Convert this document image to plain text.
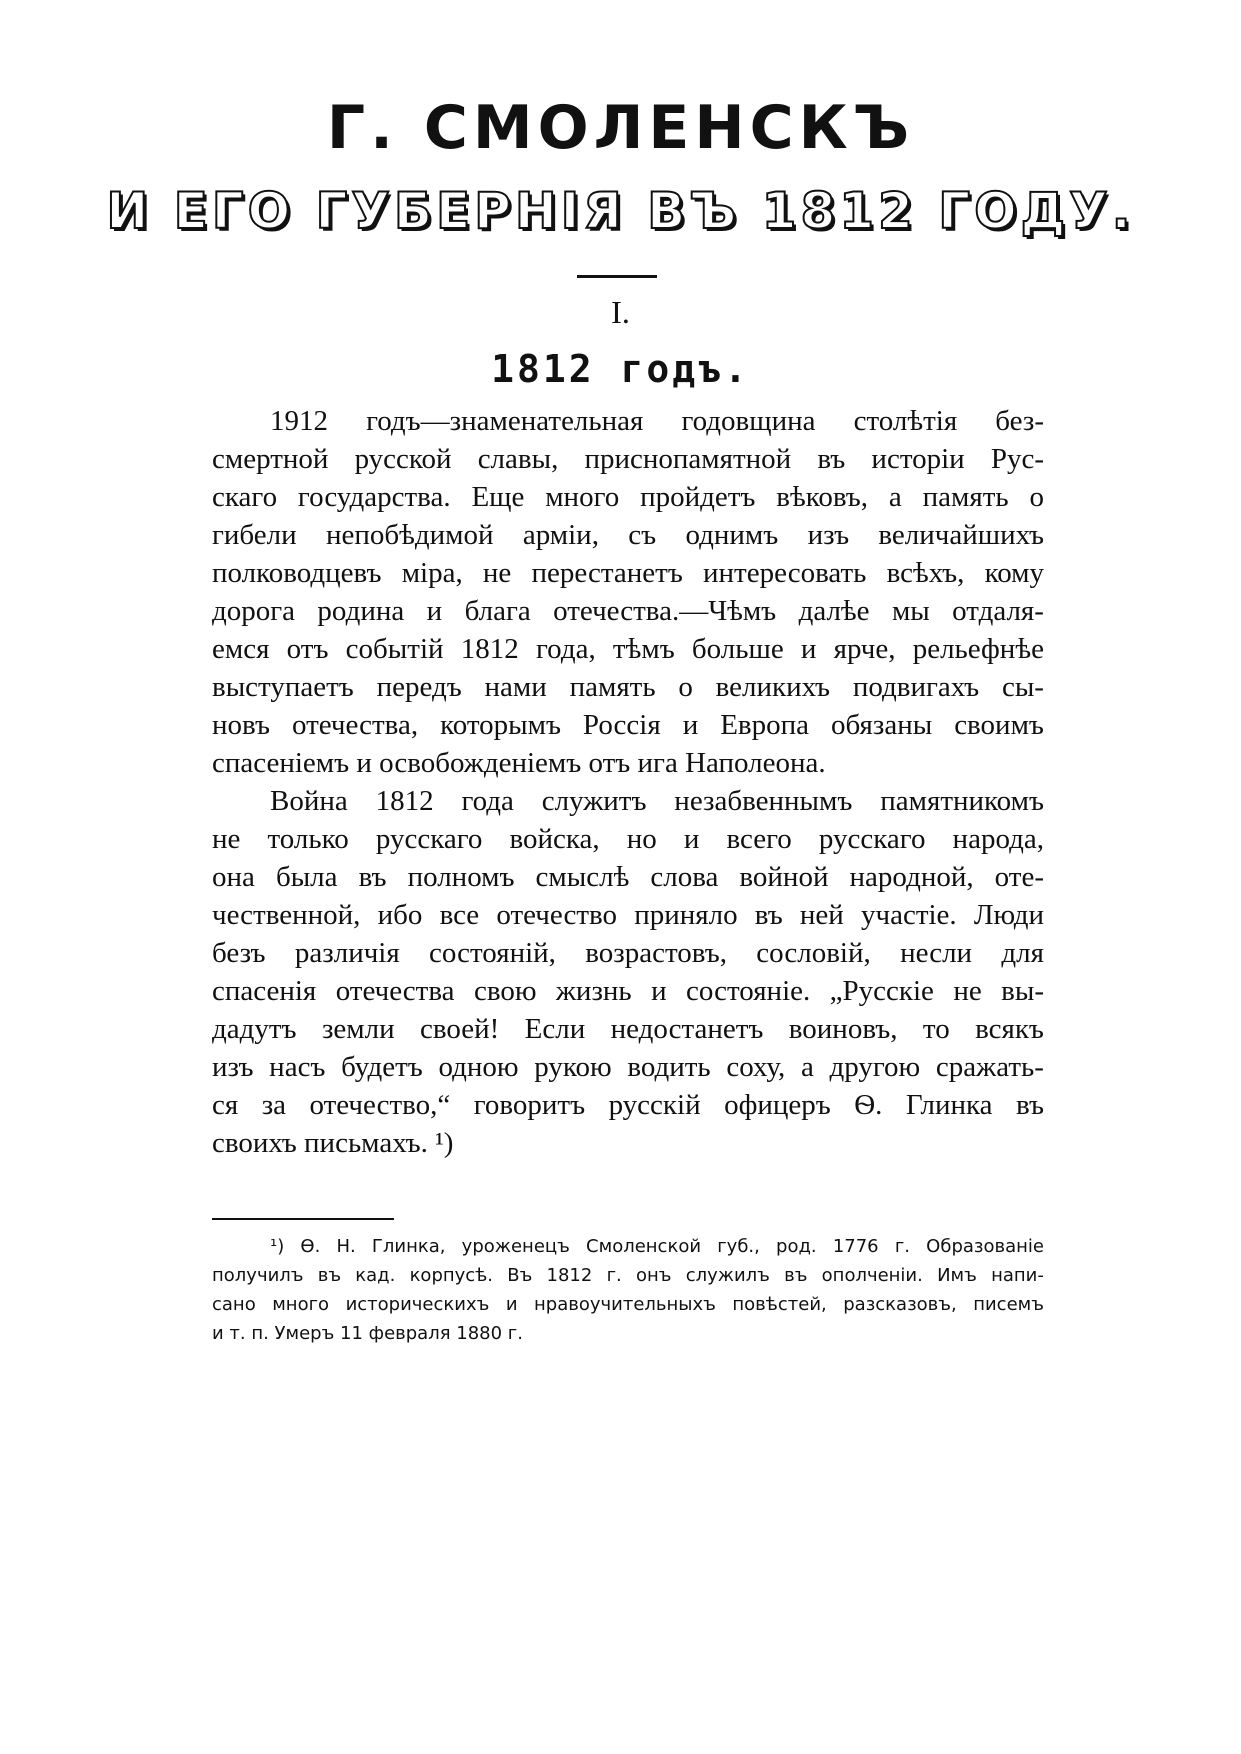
Г. СМОЛЕНСКЪ
И ЕГО ГУБЕРНІЯ ВЪ 1812 ГОДУ.
I.
1812 годъ.
1912 годъ—знаменательная годовщина столѣтія без-
смертной русской славы, приснопамятной въ исторіи Рус-
скаго государства. Еще много пройдетъ вѣковъ, а память о
гибели непобѣдимой арміи, съ однимъ изъ величайшихъ
полководцевъ міра, не перестанетъ интересовать всѣхъ, кому
дорога родина и блага отечества.—Чѣмъ далѣе мы отдаля-
емся отъ событій 1812 года, тѣмъ больше и ярче, рельефнѣе
выступаетъ передъ нами память о великихъ подвигахъ сы-
новъ отечества, которымъ Россія и Европа обязаны своимъ
спасеніемъ и освобожденіемъ отъ ига Наполеона.
Война 1812 года служитъ незабвеннымъ памятникомъ
не только русскаго войска, но и всего русскаго народа,
она была въ полномъ смыслѣ слова войной народной, оте-
чественной, ибо все отечество приняло въ ней участіе. Люди
безъ различія состояній, возрастовъ, сословій, несли для
спасенія отечества свою жизнь и состояніе. „Русскіе не вы-
дадутъ земли своей! Если недостанетъ воиновъ, то всякъ
изъ насъ будетъ одною рукою водить соху, а другою сражать-
ся за отечество,“ говоритъ русскій офицеръ Ѳ. Глинка въ
своихъ письмахъ. ¹)
¹) Ѳ. Н. Глинка, уроженецъ Смоленской губ., род. 1776 г. Образованіе
получилъ въ кад. корпусѣ. Въ 1812 г. онъ служилъ въ ополченіи. Имъ напи-
сано много историческихъ и нравоучительныхъ повѣстей, разсказовъ, писемъ
и т. п. Умеръ 11 февраля 1880 г.
